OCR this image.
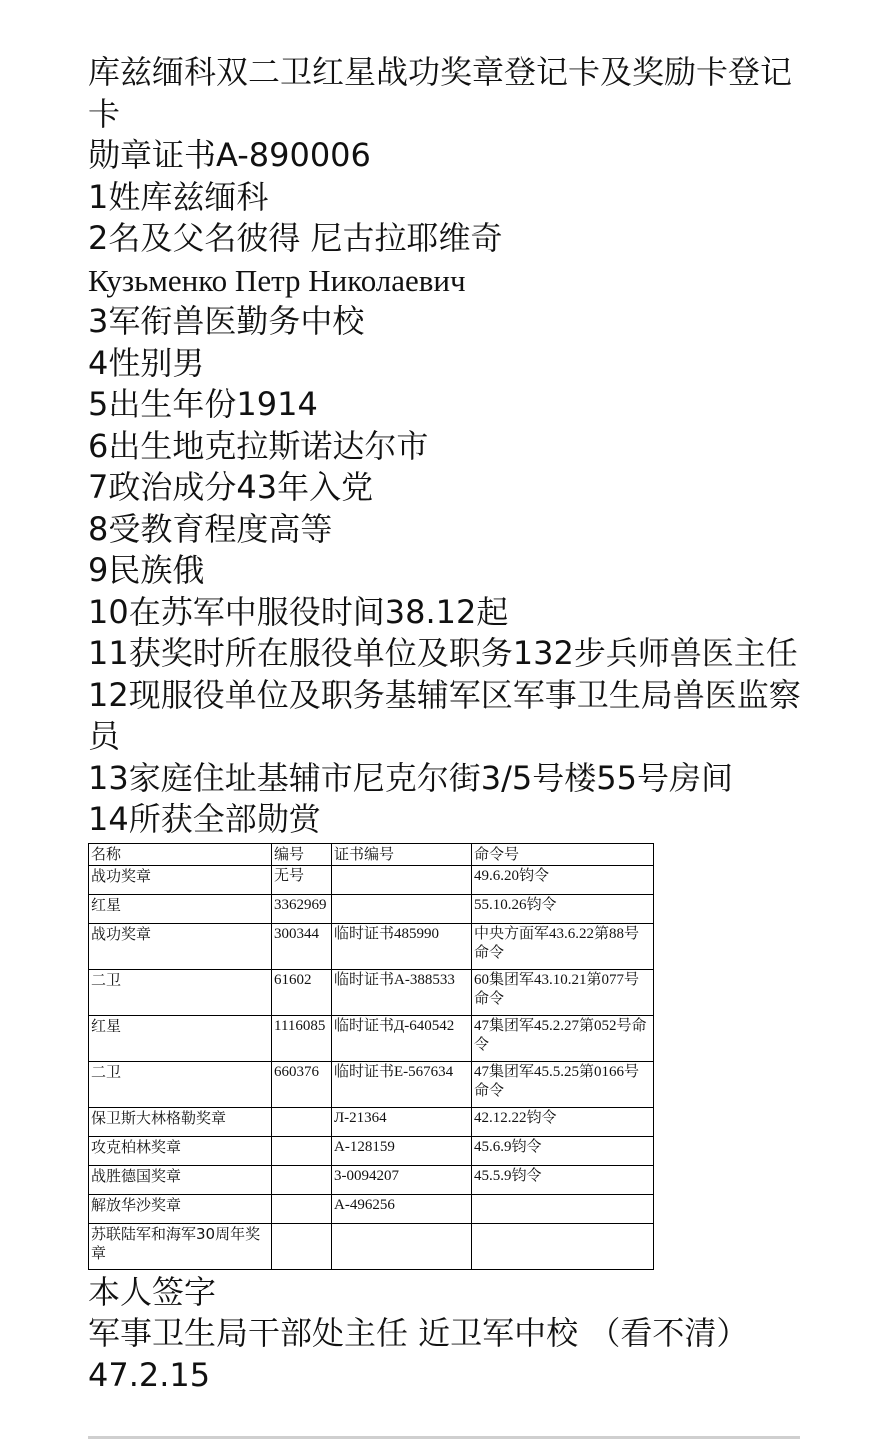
库兹缅科双二卫红星战功奖章登记卡及奖励卡登记卡

勋章证书A-890006

1姓库兹缅科

2名及父名彼得 尼古拉耶维奇

Кузьменко Петр Николаевич

3军衔兽医勤务中校

4性别男

5出生年份1914

6出生地克拉斯诺达尔市

7政治成分43年入党

8受教育程度高等

9民族俄

10在苏军中服役时间38.12起

11获奖时所在服役单位及职务132步兵师兽医主任

12现服役单位及职务基辅军区军事卫生局兽医监察员

13家庭住址基辅市尼克尔街3/5号楼55号房间

14所获全部勋赏

名称	编号	证书编号	命令号
战功奖章	无号		49.6.20钧令
红星	3362969		55.10.26钧令
战功奖章	300344	临时证书485990	中央方面军43.6.22第88号命令
二卫	61602	临时证书A-388533	60集团军43.10.21第077号命令
红星	1116085	临时证书Д-640542	47集团军45.2.27第052号命令
二卫	660376	临时证书E-567634	47集团军45.5.25第0166号命令
保卫斯大林格勒奖章		Л-21364	42.12.22钧令
攻克柏林奖章		A-128159	45.6.9钧令
战胜德国奖章		3-0094207	45.5.9钧令
解放华沙奖章		A-496256	
苏联陆军和海军30周年奖章			

本人签字

军事卫生局干部处主任 近卫军中校 （看不清）

47.2.15
